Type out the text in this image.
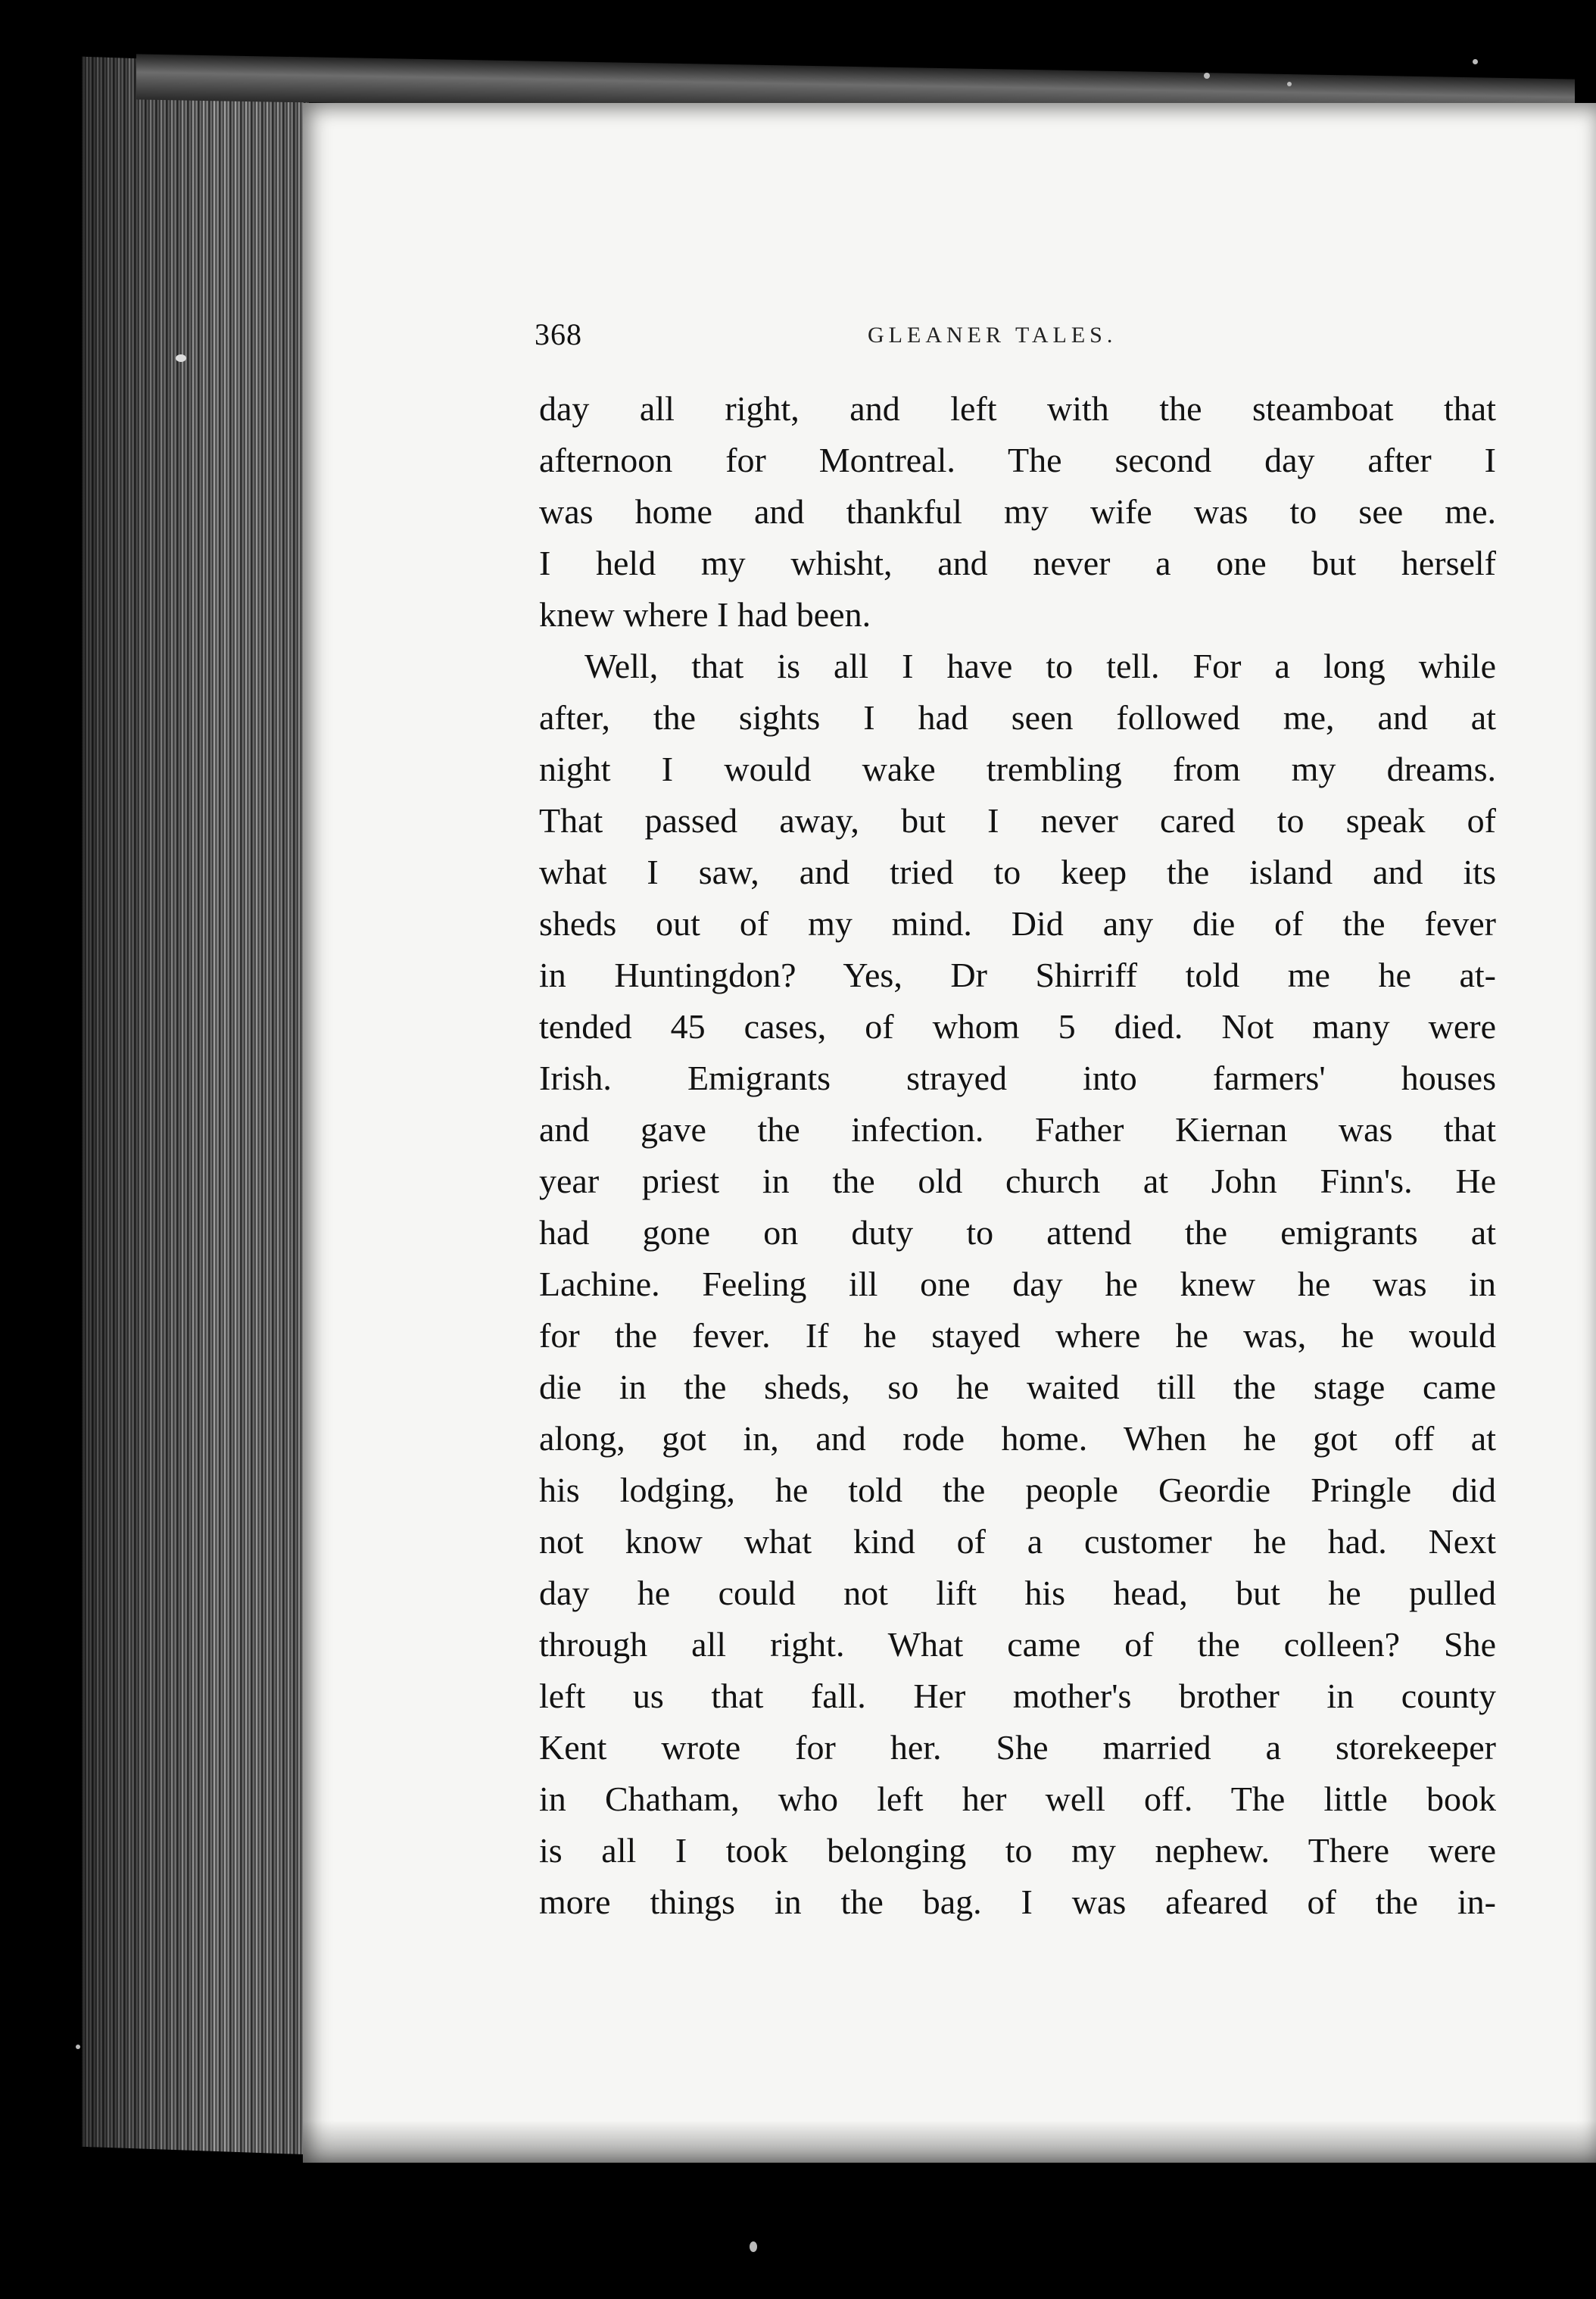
368	GLEANER TALES.
day all right, and left with the steamboat that
afternoon for Montreal. The second day after I
was home and thankful my wife was to see me.
I held my whisht, and never a one but herself
knew where I had been.
Well, that is all I have to tell. For a long while
after, the sights I had seen followed me, and at
night I would wake trembling from my dreams.
That passed away, but I never cared to speak of
what I saw, and tried to keep the island and its
sheds out of my mind. Did any die of the fever
in Huntingdon? Yes, Dr Shirriff told me he at-
tended 45 cases, of whom 5 died. Not many were
Irish. Emigrants strayed into farmers' houses
and gave the infection. Father Kiernan was that
year priest in the old church at John Finn's. He
had gone on duty to attend the emigrants at
Lachine. Feeling ill one day he knew he was in
for the fever. If he stayed where he was, he would
die in the sheds, so he waited till the stage came
along, got in, and rode home. When he got off at
his lodging, he told the people Geordie Pringle did
not know what kind of a customer he had. Next
day he could not lift his head, but he pulled
through all right. What came of the colleen? She
left us that fall. Her mother's brother in county
Kent wrote for her. She married a storekeeper
in Chatham, who left her well off. The little book
is all I took belonging to my nephew. There were
more things in the bag. I was afeared of the in-
